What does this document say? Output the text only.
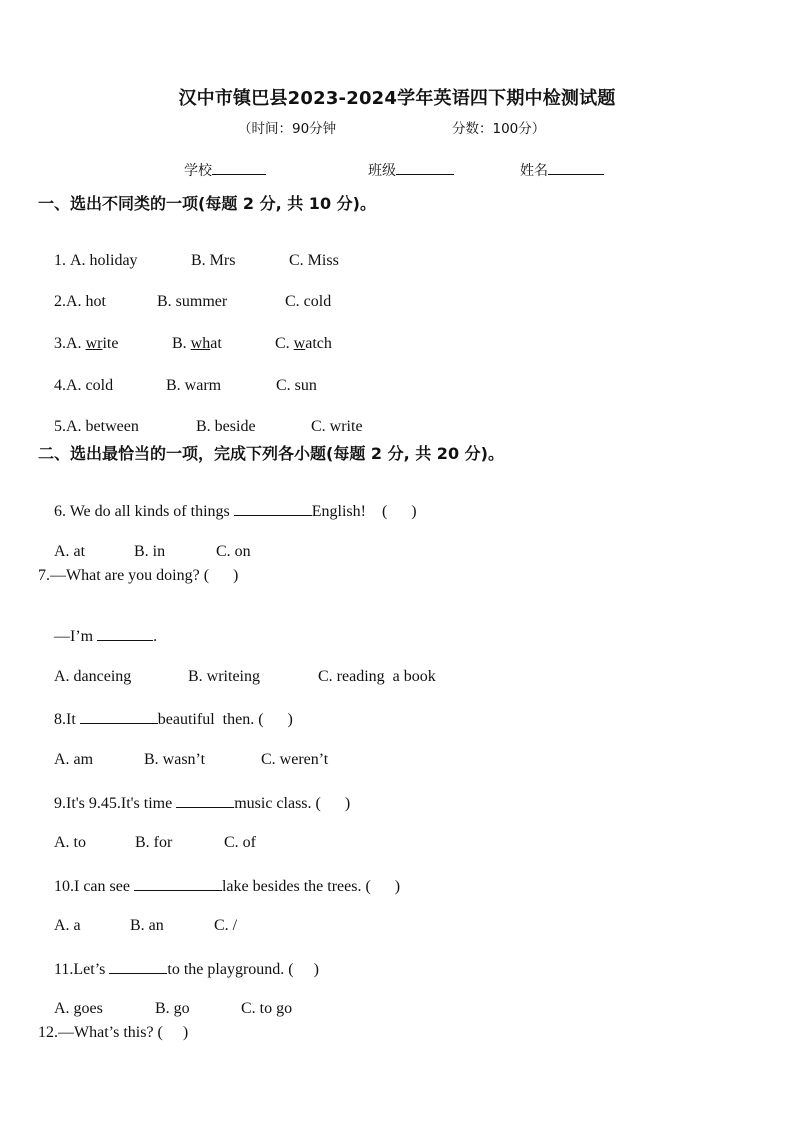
汉中市镇巴县2023-2024学年英语四下期中检测试题
（时间：90分钟	分数：100分）
学校	班级	姓名
一、选出不同类的一项(每题 2 分, 共 10 分)。

1. A. holiday	B. Mrs	C. Miss

2.A. hot	B. summer	C. cold

3.A. write	B. what	C. watch

4.A. cold	B. warm	C. sun

5.A. between	B. beside	C. write

二、选出最恰当的一项，完成下列各小题(每题 2 分, 共 20 分)。

6. We do all kinds of things	English!    (      )

A. at	B. in	C. on

7.—What are you doing? (      )

—I’m	.

A. danceing	B. writeing	C. reading  a book

8.It	beautiful  then. (      )

A. am	B. wasn’t	C. weren’t

9.It's 9.45.It's time	music class. (      )

A. to	B. for	C. of

10.I can see	lake besides the trees. (      )

A. a	B. an	C. /

11.Let’s	to the playground. (     )

A. goes	B. go	C. to go

12.—What’s this? (     )
